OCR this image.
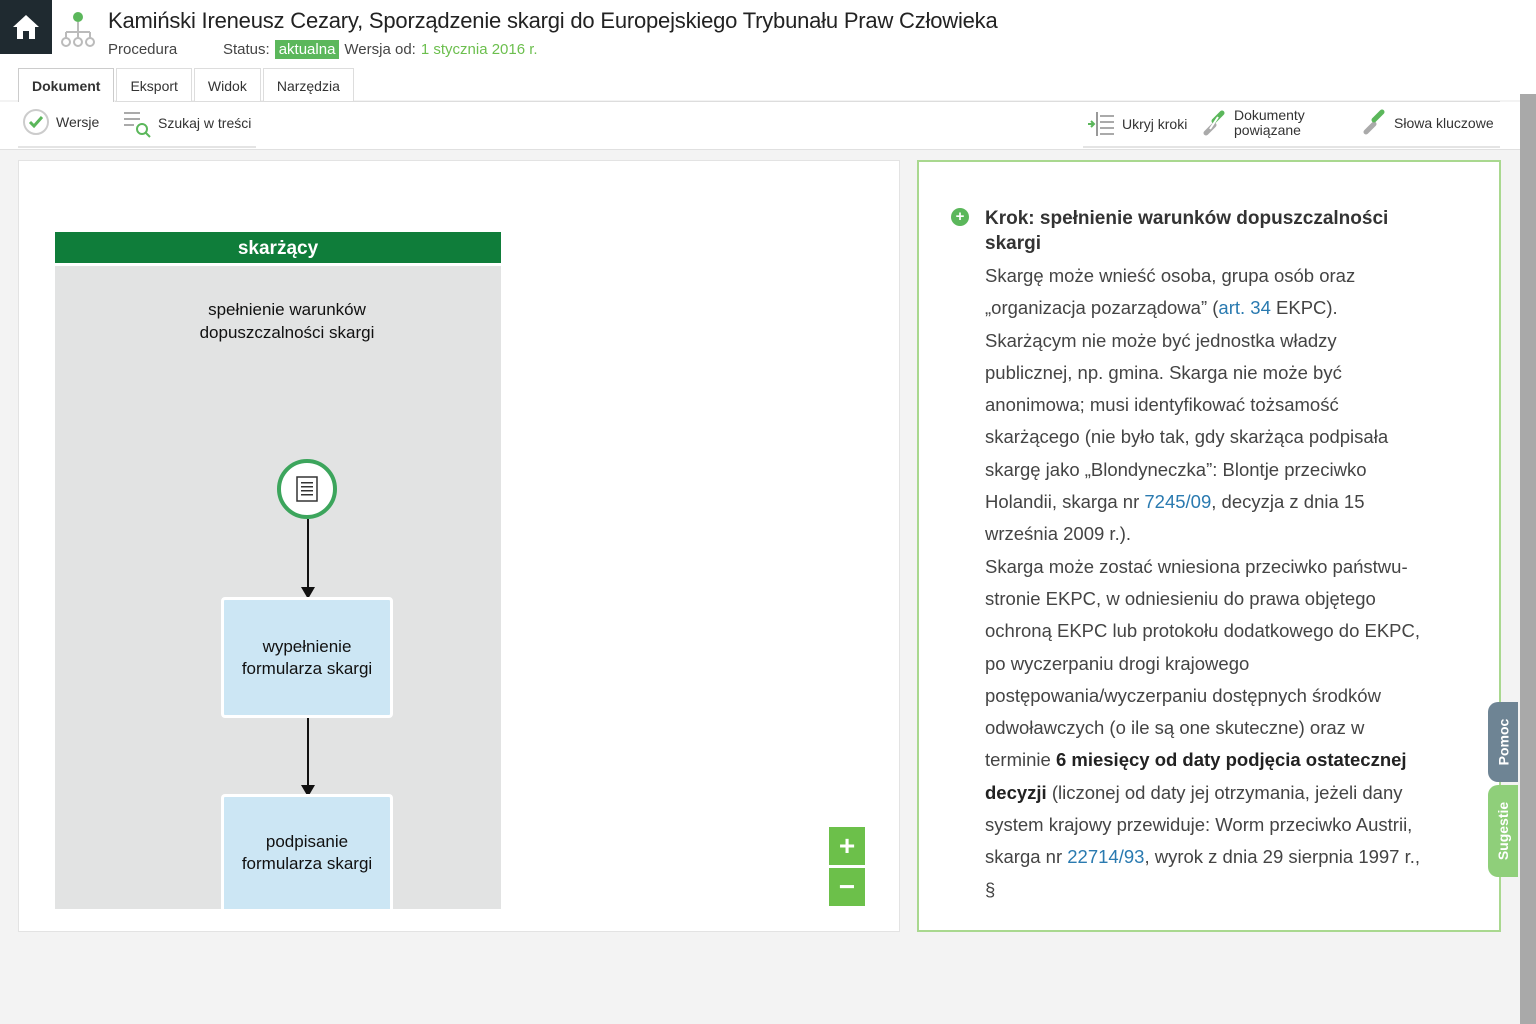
Kamiński Ireneusz Cezary, Sporządzenie skargi do Europejskiego Trybunału Praw Człowieka
Procedura	Status: aktualna Wersja od: 1 stycznia 2016 r.
Dokument	Eksport	Widok	Narzędzia
Wersje	Szukaj w treści	Ukryj kroki
Dokumenty
powiązane	Słowa kluczowe
skarżący
spełnienie warunków dopuszczalności skargi
wypełnienie formularza skargi
podpisanie formularza skargi
+
−
+ Krok: spełnienie warunków dopuszczalności skargi
Skargę może wnieść osoba, grupa osób oraz „organizacja pozarządowa” (art. 34 EKPC). Skarżącym nie może być jednostka władzy publicznej, np. gmina. Skarga nie może być anonimowa; musi identyfikować tożsamość skarżącego (nie było tak, gdy skarżąca podpisała skargę jako „Blondyneczka”: Blontje przeciwko Holandii, skarga nr 7245/09, decyzja z dnia 15 września 2009 r.).
Skarga może zostać wniesiona przeciwko państwu-stronie EKPC, w odniesieniu do prawa objętego ochroną EKPC lub protokołu dodatkowego do EKPC, po wyczerpaniu drogi krajowego postępowania/wyczerpaniu dostępnych środków odwoławczych (o ile są one skuteczne) oraz w terminie 6 miesięcy od daty podjęcia ostatecznej decyzji (liczonej od daty jej otrzymania, jeżeli dany system krajowy przewiduje: Worm przeciwko Austrii, skarga nr 22714/93, wyrok z dnia 29 sierpnia 1997 r., §
Pomoc
Sugestie
